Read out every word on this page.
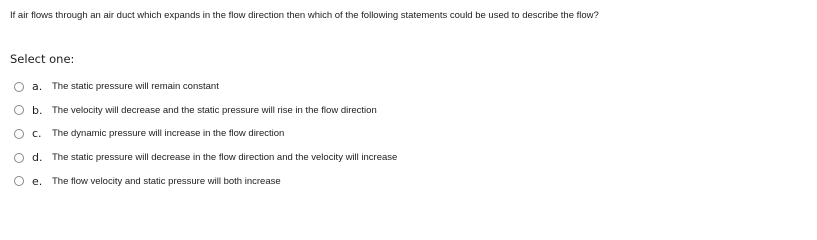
If air flows through an air duct which expands in the flow direction then which of the following statements could be used to describe the flow?
Select one:
a.	The static pressure will remain constant
b.	The velocity will decrease and the static pressure will rise in the flow direction
c.	The dynamic pressure will increase in the flow direction
d.	The static pressure will decrease in the flow direction and the velocity will increase
e.	The flow velocity and static pressure will both increase
